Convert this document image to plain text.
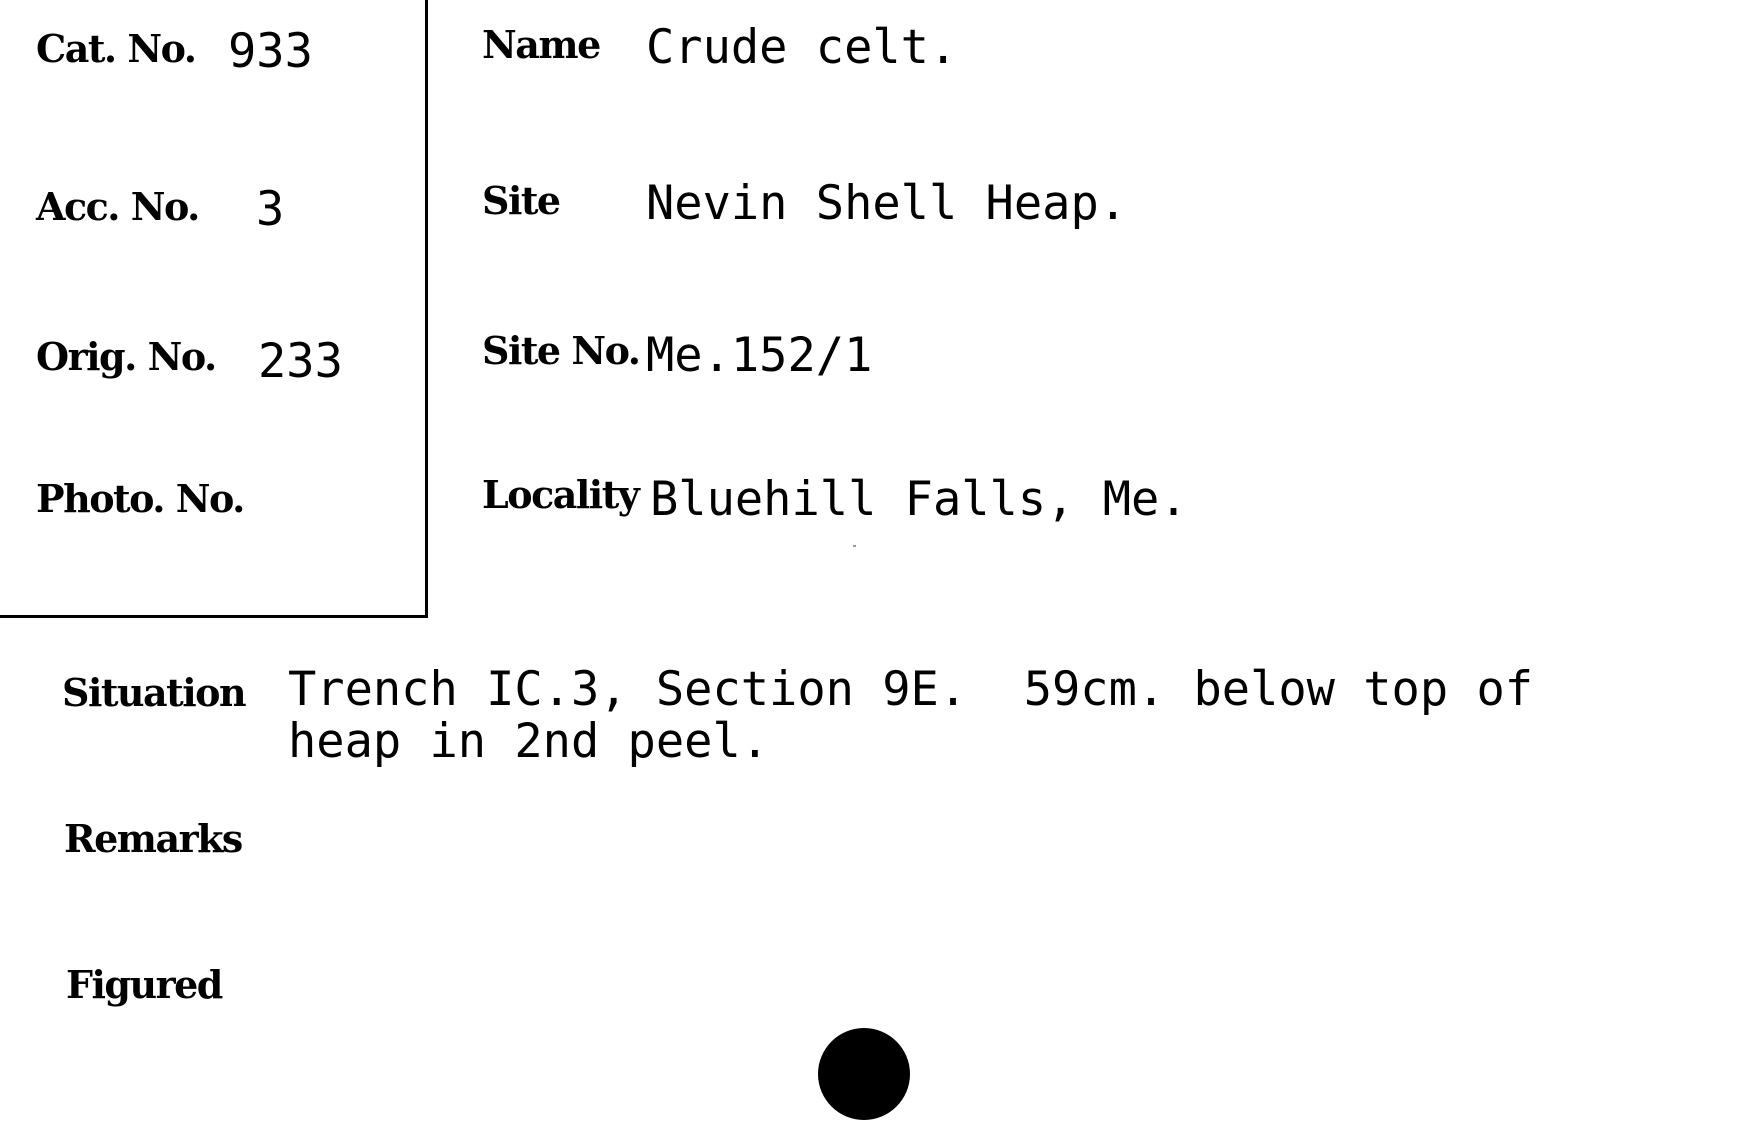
Cat. No. 933
Acc. No. 3
Orig. No. 233
Photo. No.
Name Crude celt.
Site Nevin Shell Heap.
Site No. Me.152/1
Locality Bluehill Falls, Me.
Situation Trench IC.3, Section 9E.  59cm. below top of
heap in 2nd peel.
Remarks
Figured
